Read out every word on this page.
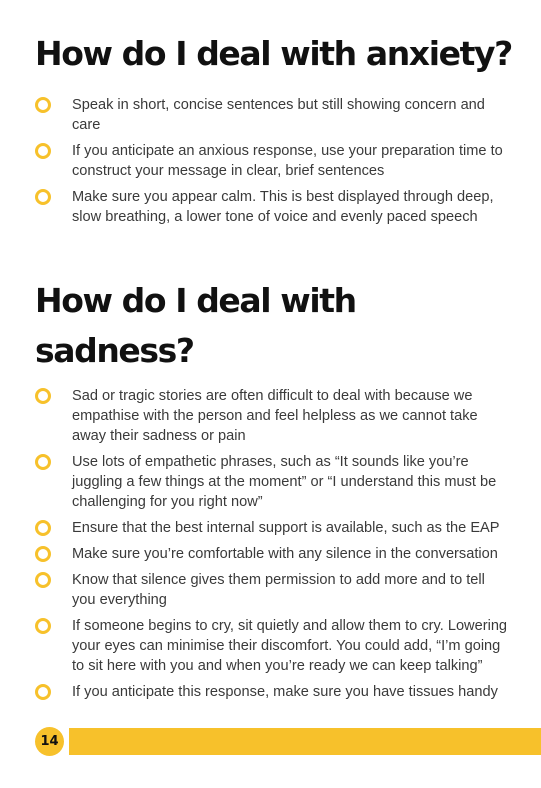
How do I deal with anxiety?
Speak in short, concise sentences but still showing concern and care
If you anticipate an anxious response, use your preparation time to construct your message in clear, brief sentences
Make sure you appear calm. This is best displayed through deep, slow breathing, a lower tone of voice and evenly paced speech
How do I deal with sadness?
Sad or tragic stories are often difficult to deal with because we empathise with the person and feel helpless as we cannot take away their sadness or pain
Use lots of empathetic phrases, such as “It sounds like you’re juggling a few things at the moment” or “I understand this must be challenging for you right now”
Ensure that the best internal support is available, such as the EAP
Make sure you’re comfortable with any silence in the conversation
Know that silence gives them permission to add more and to tell you everything
If someone begins to cry, sit quietly and allow them to cry. Lowering your eyes can minimise their discomfort. You could add, “I’m going to sit here with you and when you’re ready we can keep talking”
If you anticipate this response, make sure you have tissues handy
14
